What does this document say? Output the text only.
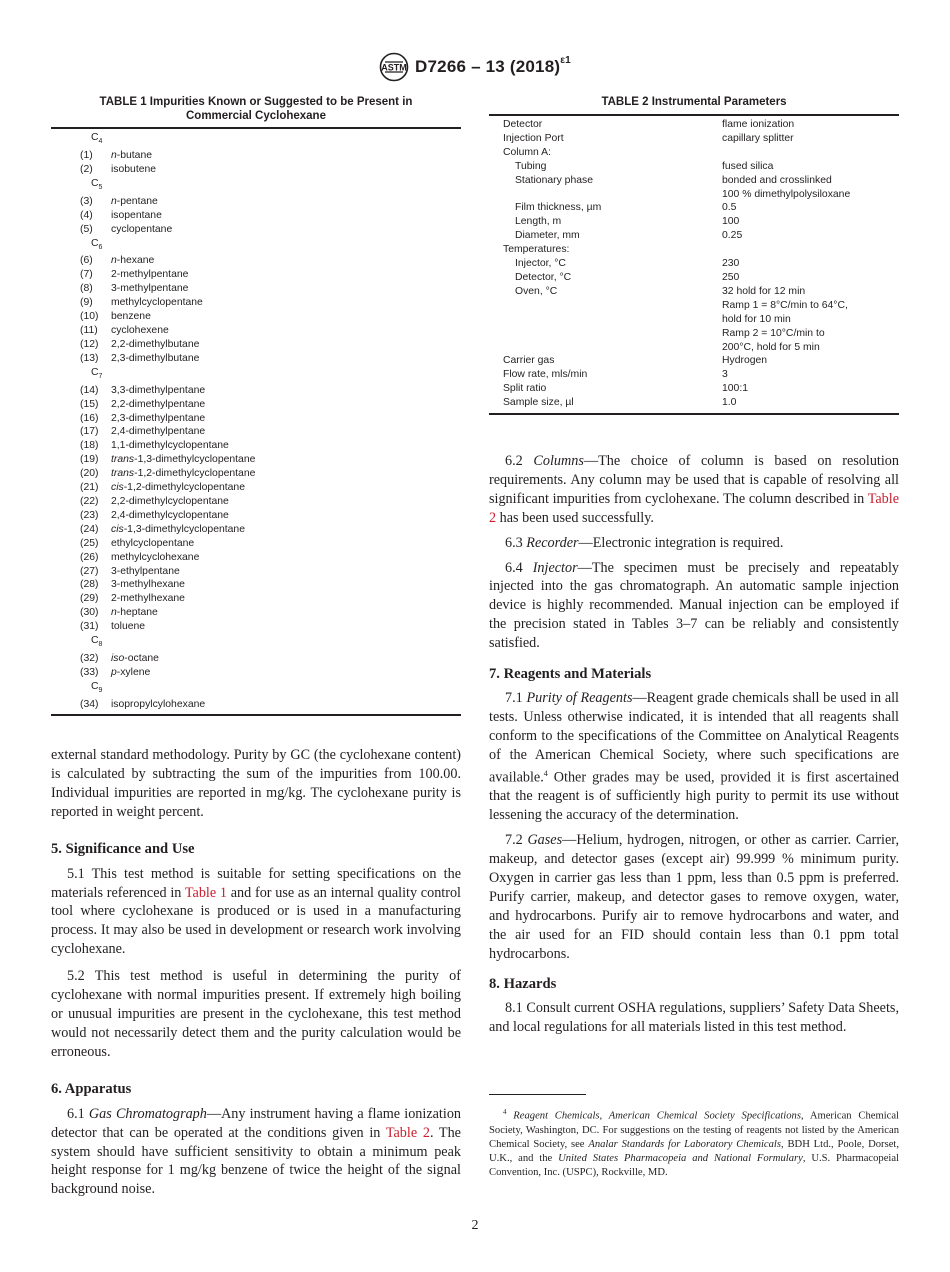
ASTM D7266 – 13 $(2018)^{\varepsilon 1}$
TABLE 1 Impurities Known or Suggested to be Present in
Commercial Cyclohexane
$C_4$
(1)	n-butane
(2)	isobutene
$C_5$
(3)	n-pentane
(4)	isopentane
(5)	cyclopentane
$C_6$
(6)	n-hexane
(7)	2-methylpentane
(8)	3-methylpentane
(9)	methylcyclopentane
(10)	benzene
(11)	cyclohexene
(12)	2,2-dimethylbutane
(13)	2,3-dimethylbutane
$C_7$
(14)	3,3-dimethylpentane
(15)	2,2-dimethylpentane
(16)	2,3-dimethylpentane
(17)	2,4-dimethylpentane
(18)	1,1-dimethylcyclopentane
(19)	trans-1,3-dimethylcyclopentane
(20)	trans-1,2-dimethylcyclopentane
(21)	cis-1,2-dimethylcyclopentane
(22)	2,2-dimethylcyclopentane
(23)	2,4-dimethylcyclopentane
(24)	cis-1,3-dimethylcyclopentane
(25)	ethylcyclopentane
(26)	methylcyclohexane
(27)	3-ethylpentane
(28)	3-methylhexane
(29)	2-methylhexane
(30)	n-heptane
(31)	toluene
$C_8$
(32)	iso-octane
(33)	p-xylene
$C_9$
(34)	isopropylcylohexane

external standard methodology. Purity by GC (the cyclohexane content) is calculated by subtracting the sum of the impurities from 100.00. Individual impurities are reported in mg/kg. The cyclohexane purity is reported in weight percent.

5. Significance and Use

5.1 This test method is suitable for setting specifications on the materials referenced in Table 1 and for use as an internal quality control tool where cyclohexane is produced or is used in a manufacturing process. It may also be used in development or research work involving cyclohexane.

5.2 This test method is useful in determining the purity of cyclohexane with normal impurities present. If extremely high boiling or unusual impurities are present in the cyclohexane, this test method would not necessarily detect them and the purity calculation would be erroneous.

6. Apparatus

6.1 Gas Chromatograph—Any instrument having a flame ionization detector that can be operated at the conditions given in Table 2. The system should have sufficient sensitivity to obtain a minimum peak height response for 1 mg/kg benzene of twice the height of the signal background noise.

TABLE 2 Instrumental Parameters
Detector	flame ionization
Injection Port	capillary splitter
Column A:
Tubing	fused silica
Stationary phase	bonded and crosslinked
100 % dimethylpolysiloxane
Film thickness, µm	0.5
Length, m	100
Diameter, mm	0.25
Temperatures:
Injector, °C	230
Detector, °C	250
Oven, °C	32 hold for 12 min
Ramp 1 = 8°C/min to 64°C,
hold for 10 min
Ramp 2 = 10°C/min to
200°C, hold for 5 min
Carrier gas	Hydrogen
Flow rate, mls/min	3
Split ratio	100:1
Sample size, µl	1.0

6.2 Columns—The choice of column is based on resolution requirements. Any column may be used that is capable of resolving all significant impurities from cyclohexane. The column described in Table 2 has been used successfully.

6.3 Recorder—Electronic integration is required.

6.4 Injector—The specimen must be precisely and repeatably injected into the gas chromatograph. An automatic sample injection device is highly recommended. Manual injection can be employed if the precision stated in Tables 3–7 can be reliably and consistently satisfied.

7. Reagents and Materials

7.1 Purity of Reagents—Reagent grade chemicals shall be used in all tests. Unless otherwise indicated, it is intended that all reagents shall conform to the specifications of the Committee on Analytical Reagents of the American Chemical Society, where such specifications are available.$^4$ Other grades may be used, provided it is first ascertained that the reagent is of sufficiently high purity to permit its use without lessening the accuracy of the determination.

7.2 Gases—Helium, hydrogen, nitrogen, or other as carrier. Carrier, makeup, and detector gases (except air) 99.999 % minimum purity. Oxygen in carrier gas less than 1 ppm, less than 0.5 ppm is preferred. Purify carrier, makeup, and detector gases to remove oxygen, water, and hydrocarbons. Purify air to remove hydrocarbons and water, and the air used for an FID should contain less than 0.1 ppm total hydrocarbons.

8. Hazards

8.1 Consult current OSHA regulations, suppliers’ Safety Data Sheets, and local regulations for all materials listed in this test method.

$^4$ Reagent Chemicals, American Chemical Society Specifications, American Chemical Society, Washington, DC. For suggestions on the testing of reagents not listed by the American Chemical Society, see Analar Standards for Laboratory Chemicals, BDH Ltd., Poole, Dorset, U.K., and the United States Pharmacopeia and National Formulary, U.S. Pharmacopeial Convention, Inc. (USPC), Rockville, MD.

2
